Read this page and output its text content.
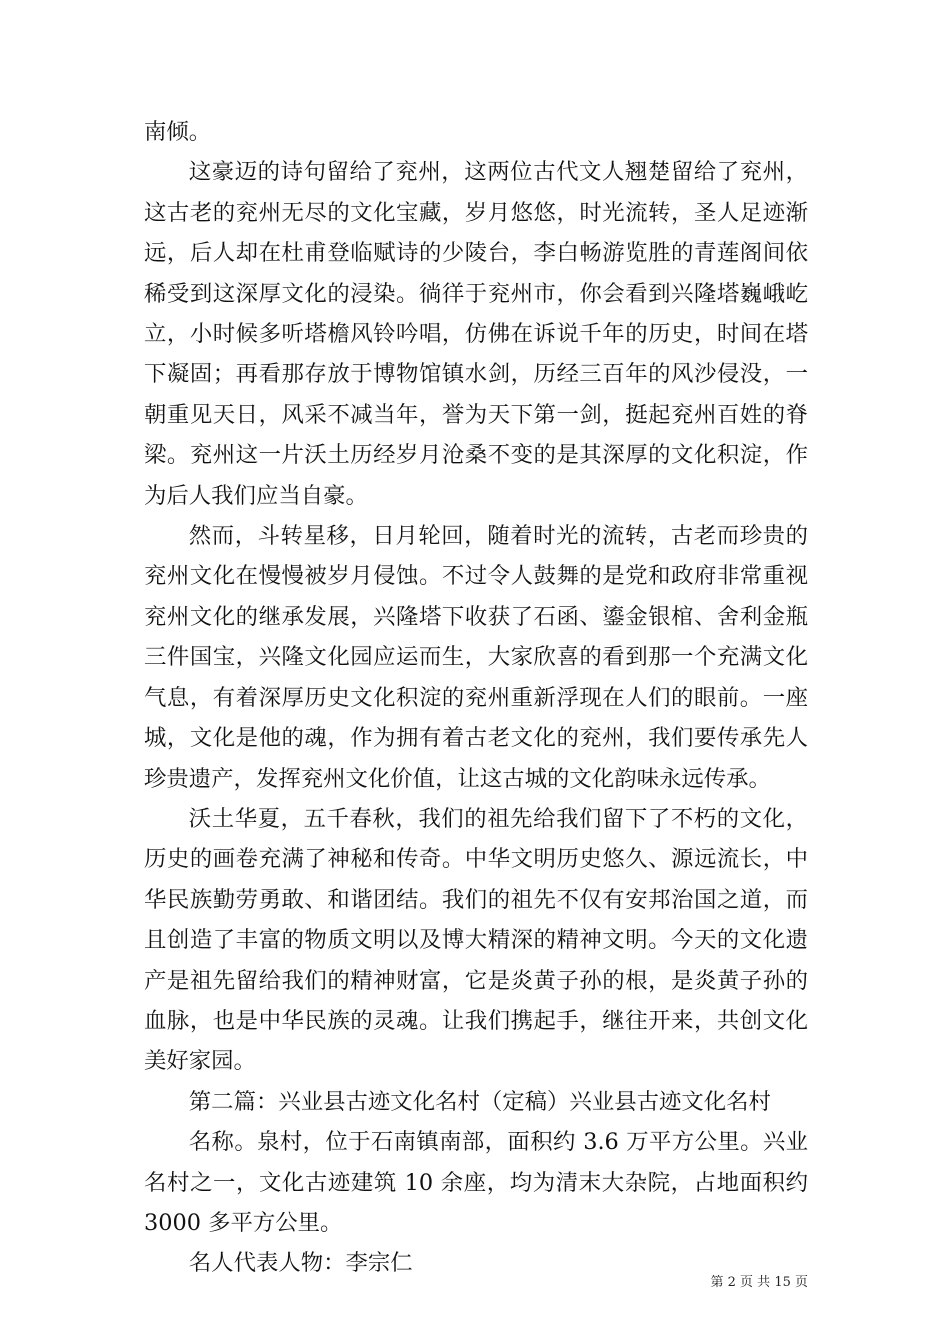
南倾。

这豪迈的诗句留给了兖州，这两位古代文人翘楚留给了兖州，这古老的兖州无尽的文化宝藏，岁月悠悠，时光流转，圣人足迹渐远，后人却在杜甫登临赋诗的少陵台，李白畅游览胜的青莲阁间依稀受到这深厚文化的浸染。徜徉于兖州市，你会看到兴隆塔巍峨屹立，小时候多听塔檐风铃吟唱，仿佛在诉说千年的历史，时间在塔下凝固；再看那存放于博物馆镇水剑，历经三百年的风沙侵没，一朝重见天日，风采不减当年，誉为天下第一剑，挺起兖州百姓的脊梁。兖州这一片沃土历经岁月沧桑不变的是其深厚的文化积淀，作为后人我们应当自豪。

然而，斗转星移，日月轮回，随着时光的流转，古老而珍贵的兖州文化在慢慢被岁月侵蚀。不过令人鼓舞的是党和政府非常重视兖州文化的继承发展，兴隆塔下收获了石函、鎏金银棺、舍利金瓶三件国宝，兴隆文化园应运而生，大家欣喜的看到那一个充满文化气息，有着深厚历史文化积淀的兖州重新浮现在人们的眼前。一座城，文化是他的魂，作为拥有着古老文化的兖州，我们要传承先人珍贵遗产，发挥兖州文化价值，让这古城的文化韵味永远传承。

沃土华夏，五千春秋，我们的祖先给我们留下了不朽的文化，历史的画卷充满了神秘和传奇。中华文明历史悠久、源远流长，中华民族勤劳勇敢、和谐团结。我们的祖先不仅有安邦治国之道，而且创造了丰富的物质文明以及博大精深的精神文明。今天的文化遗产是祖先留给我们的精神财富，它是炎黄子孙的根，是炎黄子孙的血脉，也是中华民族的灵魂。让我们携起手，继往开来，共创文化美好家园。

第二篇：兴业县古迹文化名村（定稿）兴业县古迹文化名村

名称。泉村，位于石南镇南部，面积约 3.6 万平方公里。兴业名村之一，文化古迹建筑 10 余座，均为清末大杂院，占地面积约 3000 多平方公里。

名人代表人物：李宗仁

第 2 页 共 15 页
